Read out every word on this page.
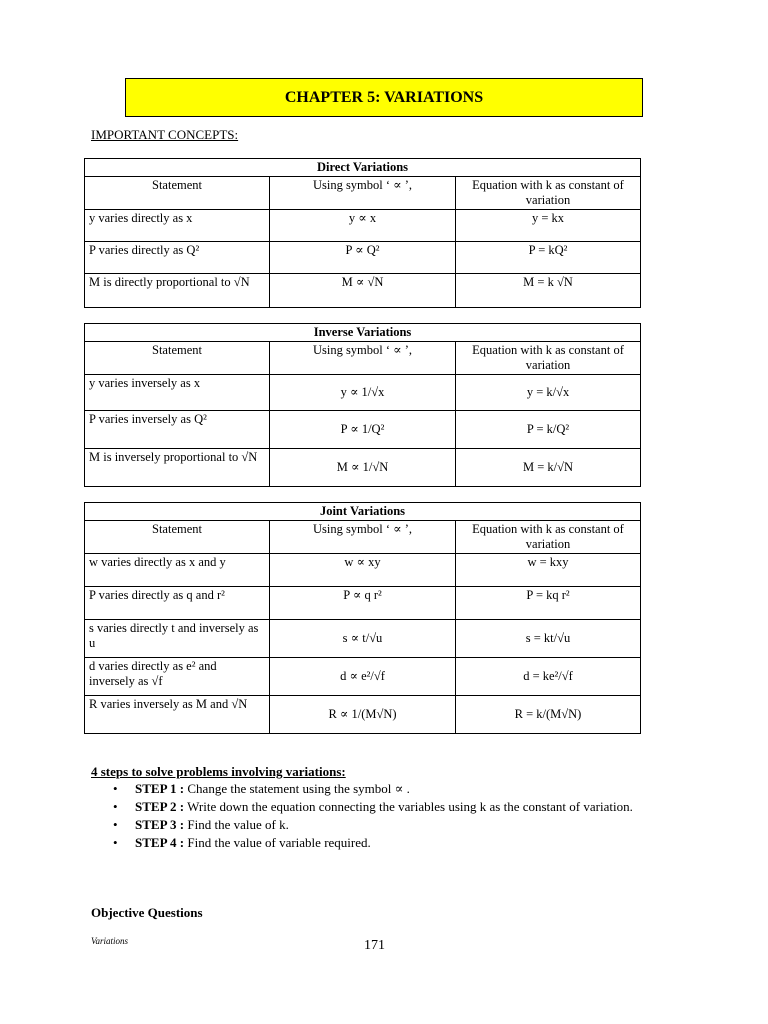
CHAPTER 5: VARIATIONS
IMPORTANT CONCEPTS:
Direct Variations		
Statement	Using symbol ‘ ∝ ’,	Equation with k as constant of variation
y varies directly as x	y ∝ x	y = kx
P varies directly as Q²	P ∝ Q²	P = kQ²
M is directly proportional to √N	M ∝ √N	M = k √N
Inverse Variations		
Statement	Using symbol ‘ ∝ ’,	Equation with k as constant of variation
y varies inversely as x	y ∝ 1/√x	y = k/√x
P varies inversely as Q²	P ∝ 1/Q²	P = k/Q²
M is inversely proportional to √N	M ∝ 1/√N	M = k/√N
Joint Variations		
Statement	Using symbol ‘ ∝ ’,	Equation with k as constant of variation
w varies directly as x and y	w ∝ xy	w = kxy
P varies directly as q and r²	P ∝ q r²	P = kq r²
s varies directly t and inversely as u	s ∝ t/√u	s = kt/√u
d varies directly as e² and inversely as √f	d ∝ e²/√f	d = ke²/√f
R varies inversely as M and √N	R ∝ 1/(M√N)	R = k/(M√N)
4 steps to solve problems involving variations:
• STEP 1 : Change the statement using the symbol ∝ .
• STEP 2 : Write down the equation connecting the variables using k as the constant of variation.
• STEP 3 : Find the value of k.
• STEP 4 : Find the value of variable required.
Objective Questions
Variations	171
